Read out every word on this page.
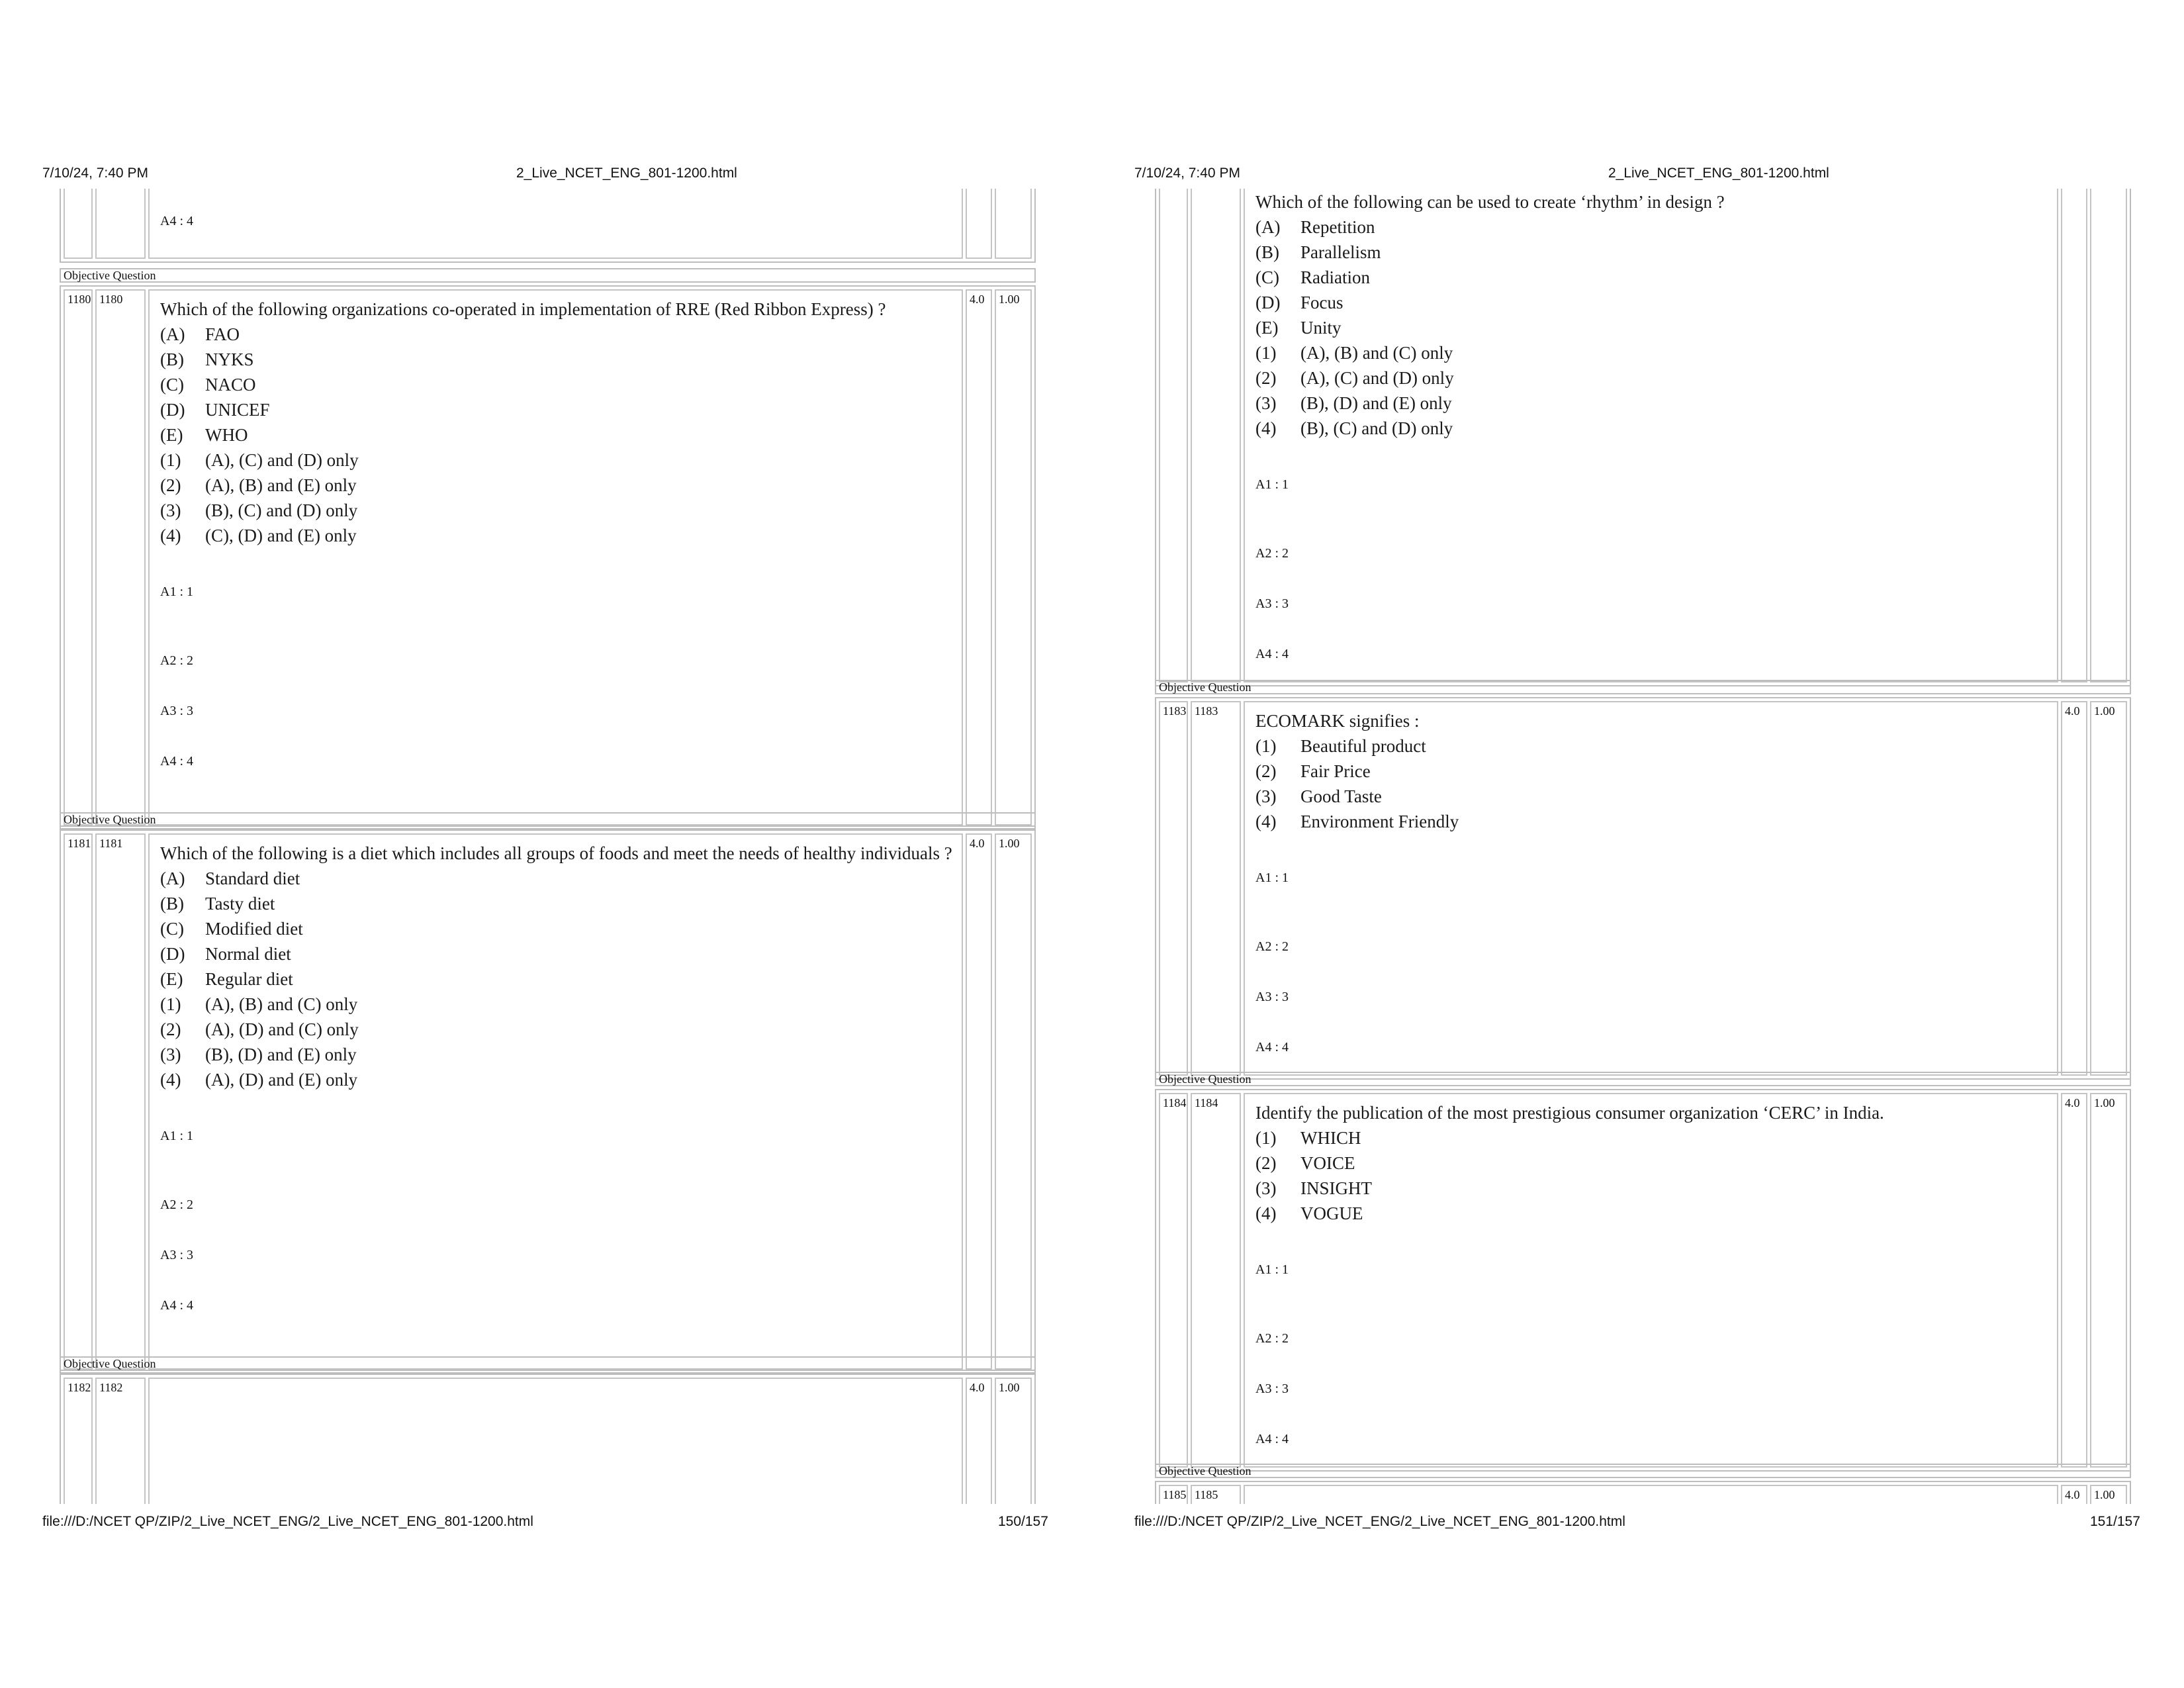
7/10/24, 7:40 PM	2_Live_NCET_ENG_801-1200.html

A4 : 4

Objective Question
1180	1180	Which of the following organizations co-operated in implementation of RRE (Red Ribbon Express) ?
(A)	FAO
(B)	NYKS
(C)	NACO
(D)	UNICEF
(E)	WHO
(1)	(A), (C) and (D) only
(2)	(A), (B) and (E) only
(3)	(B), (C) and (D) only
(4)	(C), (D) and (E) only
A1 : 1
A2 : 2
A3 : 3
A4 : 4
	4.0	1.00
Objective Question
1181	1181	Which of the following is a diet which includes all groups of foods and meet the needs of healthy individuals ?
(A)	Standard diet
(B)	Tasty diet
(C)	Modified diet
(D)	Normal diet
(E)	Regular diet
(1)	(A), (B) and (C) only
(2)	(A), (D) and (C) only
(3)	(B), (D) and (E) only
(4)	(A), (D) and (E) only
A1 : 1
A2 : 2
A3 : 3
A4 : 4
	4.0	1.00
Objective Question
1182	1182		4.0	1.00
file:///D:/NCET QP/ZIP/2_Live_NCET_ENG/2_Live_NCET_ENG_801-1200.html	150/157
7/10/24, 7:40 PM	2_Live_NCET_ENG_801-1200.html

Which of the following can be used to create ‘rhythm’ in design ?
(A)	Repetition
(B)	Parallelism
(C)	Radiation
(D)	Focus
(E)	Unity
(1)	(A), (B) and (C) only
(2)	(A), (C) and (D) only
(3)	(B), (D) and (E) only
(4)	(B), (C) and (D) only
A1 : 1
A2 : 2
A3 : 3
A4 : 4

Objective Question
1183	1183	ECOMARK signifies :
(1)	Beautiful product
(2)	Fair Price
(3)	Good Taste
(4)	Environment Friendly
A1 : 1
A2 : 2
A3 : 3
A4 : 4
	4.0	1.00
Objective Question
1184	1184	Identify the publication of the most prestigious consumer organization ‘CERC’ in India.
(1)	WHICH
(2)	VOICE
(3)	INSIGHT
(4)	VOGUE
A1 : 1
A2 : 2
A3 : 3
A4 : 4
	4.0	1.00
Objective Question
1185	1185		4.0	1.00
file:///D:/NCET QP/ZIP/2_Live_NCET_ENG/2_Live_NCET_ENG_801-1200.html	151/157
